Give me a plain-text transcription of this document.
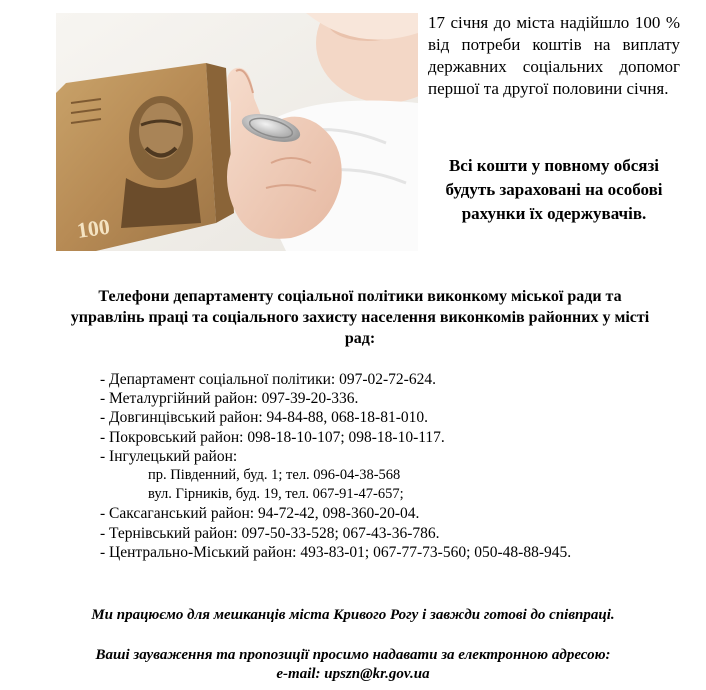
100
17 січня до міста надійшло 100 % від потреби коштів на виплату державних соціальних допомог першої та другої половини січня.
Всі кошти у повному обсязі будуть зараховані на особові рахунки їх одержувачів.
Телефони департаменту соціальної політики виконкому міської ради та управлінь праці та соціального захисту населення виконкомів районних у місті рад:
- Департамент соціальної політики: 097-02-72-624.
- Металургійний район: 097-39-20-336.
- Довгинцівський район: 94-84-88, 068-18-81-010.
- Покровський район: 098-18-10-107; 098-18-10-117.
- Інгулецький район:
пр. Південний, буд. 1; тел. 096-04-38-568
вул. Гірників, буд. 19, тел. 067-91-47-657;
- Саксаганський район: 94-72-42, 098-360-20-04.
- Тернівський район: 097-50-33-528; 067-43-36-786.
- Центрально-Міський район: 493-83-01; 067-77-73-560; 050-48-88-945.
Ми працюємо для мешканців міста Кривого Рогу і завжди готові до співпраці.
Ваші зауваження та пропозиції просимо надавати за електронною адресою:
e-mail: upszn@kr.gov.ua
